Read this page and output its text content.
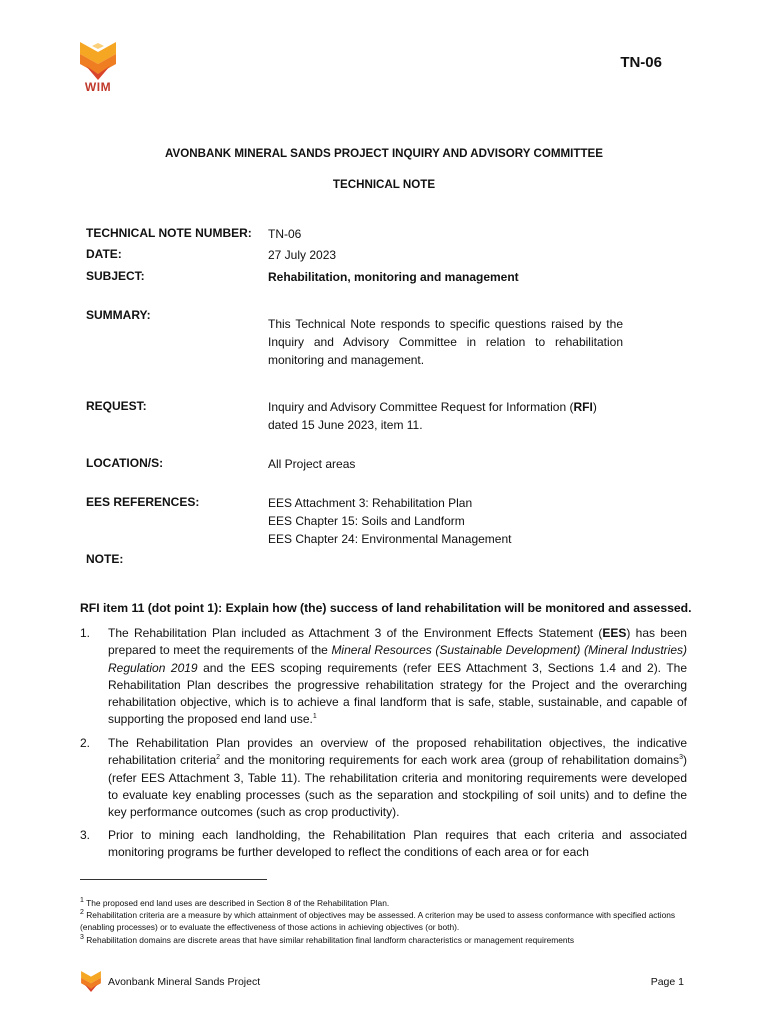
WIM
TN-06
AVONBANK MINERAL SANDS PROJECT INQUIRY AND ADVISORY COMMITTEE
TECHNICAL NOTE
TECHNICAL NOTE NUMBER: TN-06
DATE:	27 July 2023
SUBJECT:	Rehabilitation, monitoring and management
SUMMARY:
This Technical Note responds to specific questions raised by the Inquiry and Advisory Committee in relation to rehabilitation monitoring and management.
REQUEST:	Inquiry and Advisory Committee Request for Information (RFI)
dated 15 June 2023, item 11.
LOCATION/S:	All Project areas
EES REFERENCES:	EES Attachment 3: Rehabilitation Plan
EES Chapter 15: Soils and Landform
EES Chapter 24: Environmental Management
NOTE:
RFI item 11 (dot point 1): Explain how (the) success of land rehabilitation will be monitored and assessed.
1. The Rehabilitation Plan included as Attachment 3 of the Environment Effects Statement (EES) has been prepared to meet the requirements of the Mineral Resources (Sustainable Development) (Mineral Industries) Regulation 2019 and the EES scoping requirements (refer EES Attachment 3, Sections 1.4 and 2). The Rehabilitation Plan describes the progressive rehabilitation strategy for the Project and the overarching rehabilitation objective, which is to achieve a final landform that is safe, stable, sustainable, and capable of supporting the proposed end land use.$^1$
2. The Rehabilitation Plan provides an overview of the proposed rehabilitation objectives, the indicative rehabilitation criteria$^2$ and the monitoring requirements for each work area (group of rehabilitation domains$^3$) (refer EES Attachment 3, Table 11). The rehabilitation criteria and monitoring requirements were developed to evaluate key enabling processes (such as the separation and stockpiling of soil units) and to define the key performance outcomes (such as crop productivity).
3. Prior to mining each landholding, the Rehabilitation Plan requires that each criteria and associated monitoring programs be further developed to reflect the conditions of each area or for each
$^1$ The proposed end land uses are described in Section 8 of the Rehabilitation Plan.
$^2$ Rehabilitation criteria are a measure by which attainment of objectives may be assessed. A criterion may be used to assess conformance with specified actions (enabling processes) or to evaluate the effectiveness of those actions in achieving objectives (or both).
$^3$ Rehabilitation domains are discrete areas that have similar rehabilitation final landform characteristics or management requirements
Avonbank Mineral Sands Project	Page 1
